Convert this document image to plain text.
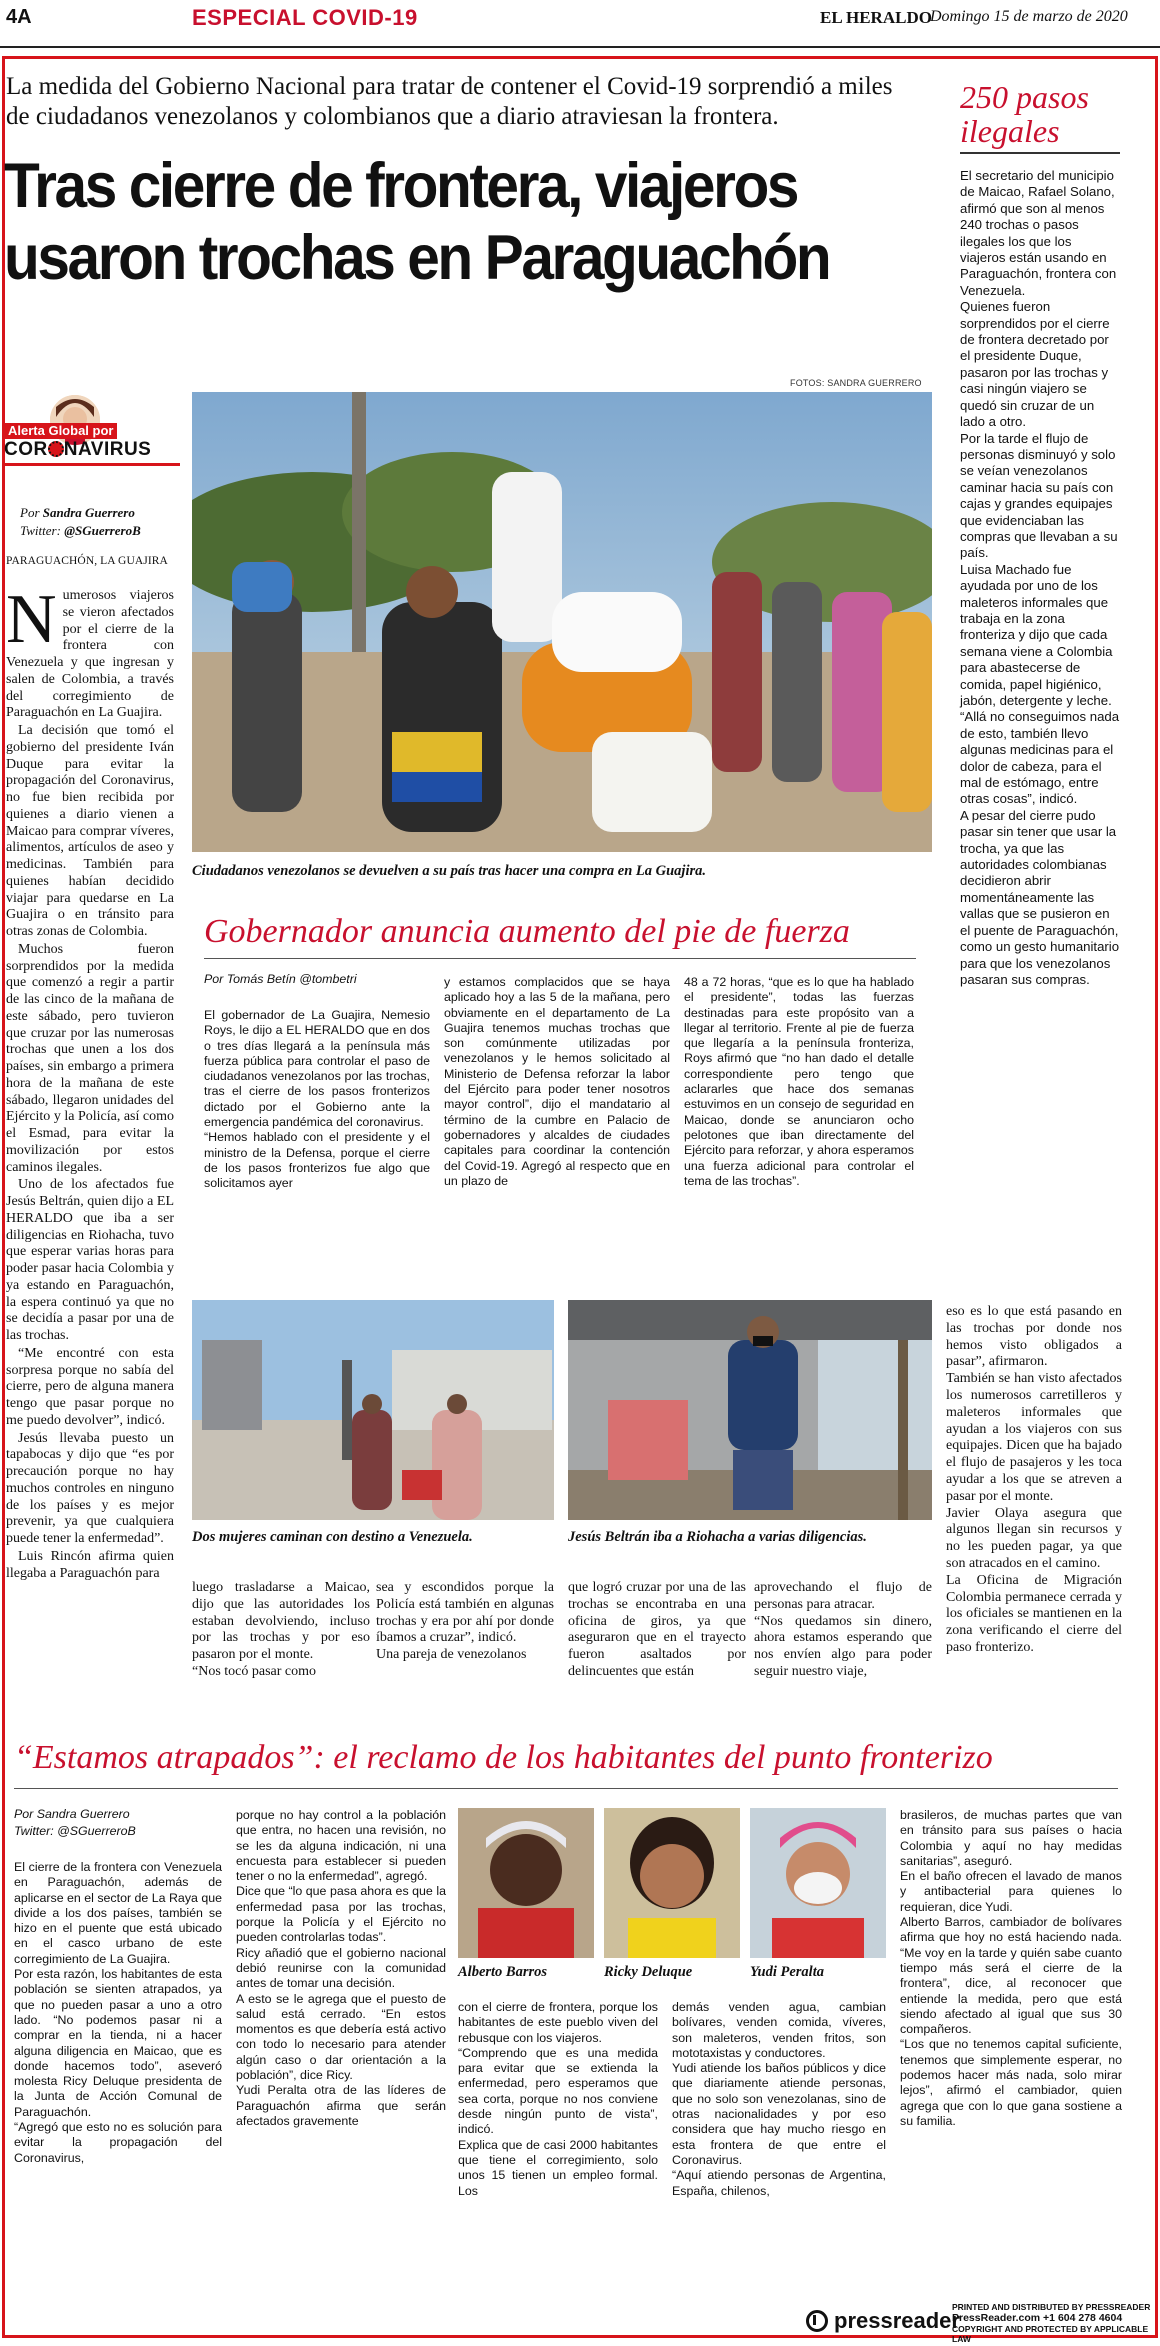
4A	ESPECIAL COVID-19	EL HERALDO
Domingo 15 de marzo de 2020
La medida del Gobierno Nacional para tratar de contener el Covid-19 sorprendió a miles de ciudadanos venezolanos y colombianos que a diario atraviesan la frontera.
Tras cierre de frontera, viajeros
usaron trochas en Paraguachón
250 pasos ilegales
El secretario del municipio de Maicao, Rafael Solano, afirmó que son al menos 240 trochas o pasos ilegales los que los viajeros están usando en Paraguachón, frontera con Venezuela.
Quienes fueron sorprendidos por el cierre de frontera decretado por el presidente Duque, pasaron por las trochas y casi ningún viajero se quedó sin cruzar de un lado a otro.
Por la tarde el flujo de personas disminuyó y solo se veían venezolanos caminar hacia su país con cajas y grandes equipajes que evidenciaban las compras que llevaban a su país.
Luisa Machado fue ayudada por uno de los maleteros informales que trabaja en la zona fronteriza y dijo que cada semana viene a Colombia para abastecerse de comida, papel higiénico, jabón, detergente y leche.
“Allá no conseguimos nada de esto, también llevo algunas medicinas para el dolor de cabeza, para el mal de estómago, entre otras cosas”, indicó.
A pesar del cierre pudo pasar sin tener que usar la trocha, ya que las autoridades colombianas decidieron abrir momentáneamente las vallas que se pusieron en el puente de Paraguachón, como un gesto humanitario para que los venezolanos pasaran sus compras.
FOTOS: SANDRA GUERRERO
Ciudadanos venezolanos se devuelven a su país tras hacer una compra en La Guajira.
Alerta Global por
COR NAVIRUS
Por Sandra Guerrero
Twitter: @SGuerreroB
PARAGUACHÓN, LA GUAJIRA
N umerosos viajeros se vieron afectados por el cierre de la frontera con Venezuela y que ingresan y salen de Colombia, a través del corregimiento de Paraguachón en La Guajira.

La decisión que tomó el gobierno del presidente Iván Duque para evitar la propagación del Coronavirus, no fue bien recibida por quienes a diario vienen a Maicao para comprar víveres, alimentos, artículos de aseo y medicinas. También para quienes habían decidido viajar para quedarse en La Guajira o en tránsito para otras zonas de Colombia.

Muchos fueron sorprendidos por la medida que comenzó a regir a partir de las cinco de la mañana de este sábado, pero tuvieron que cruzar por las numerosas trochas que unen a los dos países, sin embargo a primera hora de la mañana de este sábado, llegaron unidades del Ejército y la Policía, así como el Esmad, para evitar la movilización por estos caminos ilegales.

Uno de los afectados fue Jesús Beltrán, quien dijo a EL HERALDO que iba a ser diligencias en Riohacha, tuvo que esperar varias horas para poder pasar hacia Colombia y ya estando en Paraguachón, la espera continuó ya que no se decidía a pasar por una de las trochas.

“Me encontré con esta sorpresa porque no sabía del cierre, pero de alguna manera tengo que pasar porque no me puedo devolver”, indicó.

Jesús llevaba puesto un tapabocas y dijo que “es por precaución porque no hay muchos controles en ninguno de los países y es mejor prevenir, ya que cualquiera puede tener la enfermedad”.

Luis Rincón afirma quien llegaba a Paraguachón para

Gobernador anuncia aumento del pie de fuerza
Por Tomás Betín @tombetri
El gobernador de La Guajira, Nemesio Roys, le dijo a EL HERALDO que en dos o tres días llegará a la península más fuerza pública para controlar el paso de ciudadanos venezolanos por las trochas, tras el cierre de los pasos fronterizos dictado por el Gobierno ante la emergencia pandémica del coronavirus.
“Hemos hablado con el presidente y el ministro de la Defensa, porque el cierre de los pasos fronterizos fue algo que solicitamos ayer
y estamos complacidos que se haya aplicado hoy a las 5 de la mañana, pero obviamente en el departamento de La Guajira tenemos muchas trochas que son comúnmente utilizadas por venezolanos y le hemos solicitado al Ministerio de Defensa reforzar la labor del Ejército para poder tener nosotros mayor control”, dijo el mandatario al término de la cumbre en Palacio de gobernadores y alcaldes de ciudades capitales para coordinar la contención del Covid-19. Agregó al respecto que en un plazo de
48 a 72 horas, “que es lo que ha hablado el presidente”, todas las fuerzas destinadas para este propósito van a llegar al territorio. Frente al pie de fuerza que llegaría a la península fronteriza, Roys afirmó que “no han dado el detalle correspondiente pero tengo que aclararles que hace dos semanas estuvimos en un consejo de seguridad en Maicao, donde se anunciaron ocho pelotones que iban directamente del Ejército para reforzar, y ahora esperamos una fuerza adicional para controlar el tema de las trochas”.
Dos mujeres caminan con destino a Venezuela.	Jesús Beltrán iba a Riohacha a varias diligencias.
luego trasladarse a Maicao, dijo que las autoridades los estaban devolviendo, incluso por las trochas y por eso pasaron por el monte.
“Nos tocó pasar como
sea y escondidos porque la Policía está también en algunas trochas y era por ahí por donde íbamos a cruzar”, indicó.
Una pareja de venezolanos
que logró cruzar por una de las trochas se encontraba en una oficina de giros, ya que aseguraron que en el trayecto fueron asaltados por delincuentes que están
aprovechando el flujo de personas para atracar.
“Nos quedamos sin dinero, ahora estamos esperando que nos envíen algo para poder seguir nuestro viaje,
eso es lo que está pasando en las trochas por donde nos hemos visto obligados a pasar”, afirmaron.
También se han visto afectados los numerosos carretilleros y maleteros informales que ayudan a los viajeros con sus equipajes. Dicen que ha bajado el flujo de pasajeros y les toca ayudar a los que se atreven a pasar por el monte.
Javier Olaya asegura que algunos llegan sin recursos y no les pueden pagar, ya que son atracados en el camino.
La Oficina de Migración Colombia permanece cerrada y los oficiales se mantienen en la zona verificando el cierre del paso fronterizo.
“Estamos atrapados”: el reclamo de los habitantes del punto fronterizo
Por Sandra Guerrero
Twitter: @SGuerreroB
El cierre de la frontera con Venezuela en Paraguachón, además de aplicarse en el sector de La Raya que divide a los dos países, también se hizo en el puente que está ubicado en el casco urbano de este corregimiento de La Guajira.
Por esta razón, los habitantes de esta población se sienten atrapados, ya que no pueden pasar a uno a otro lado. “No podemos pasar ni a comprar en la tienda, ni a hacer alguna diligencia en Maicao, que es donde hacemos todo”, aseveró molesta Ricy Deluque presidenta de la Junta de Acción Comunal de Paraguachón.
“Agregó que esto no es solución para evitar la propagación del Coronavirus,
porque no hay control a la población que entra, no hacen una revisión, no se les da alguna indicación, ni una encuesta para establecer si pueden tener o no la enfermedad”, agregó.
Dice que “lo que pasa ahora es que la enfermedad pasa por las trochas, porque la Policía y el Ejército no pueden controlarlas todas”.
Ricy añadió que el gobierno nacional debió reunirse con la comunidad antes de tomar una decisión.
A esto se le agrega que el puesto de salud está cerrado. “En estos momentos es que debería está activo con todo lo necesario para atender algún caso o dar orientación a la población”, dice Ricy.
Yudi Peralta otra de las líderes de Paraguachón afirma que serán afectados gravemente
Alberto Barros	Ricky Deluque	Yudi Peralta
con el cierre de frontera, porque los habitantes de este pueblo viven del rebusque con los viajeros.
“Comprendo que es una medida para evitar que se extienda la enfermedad, pero esperamos que sea corta, porque no nos conviene desde ningún punto de vista”, indicó.
Explica que de casi 2000 habitantes que tiene el corregimiento, solo unos 15 tienen un empleo formal. Los
demás venden agua, cambian bolívares, venden comida, víveres, son maleteros, venden fritos, son mototaxistas y conductores.
Yudi atiende los baños públicos y dice que diariamente atiende personas, que no solo son venezolanas, sino de otras nacionalidades y por eso considera que hay mucho riesgo en esta frontera de que entre el Coronavirus.
“Aquí atiendo personas de Argentina, España, chilenos,
brasileros, de muchas partes que van en tránsito para sus países o hacia Colombia y aquí no hay medidas sanitarias”, aseguró.
En el baño ofrecen el lavado de manos y antibacterial para quienes lo requieran, dice Yudi.
Alberto Barros, cambiador de bolívares afirma que hoy no está haciendo nada. “Me voy en la tarde y quién sabe cuanto tiempo más será el cierre de la frontera”, dice, al reconocer que entiende la medida, pero que está siendo afectado al igual que sus 30 compañeros.
“Los que no tenemos capital suficiente, tenemos que simplemente esperar, no podemos hacer más nada, solo mirar lejos”, afirmó el cambiador, quien agrega que con lo que gana sostiene a su familia.
pressreader
PRINTED AND DISTRIBUTED BY PRESSREADER
PressReader.com +1 604 278 4604
COPYRIGHT AND PROTECTED BY APPLICABLE LAW
